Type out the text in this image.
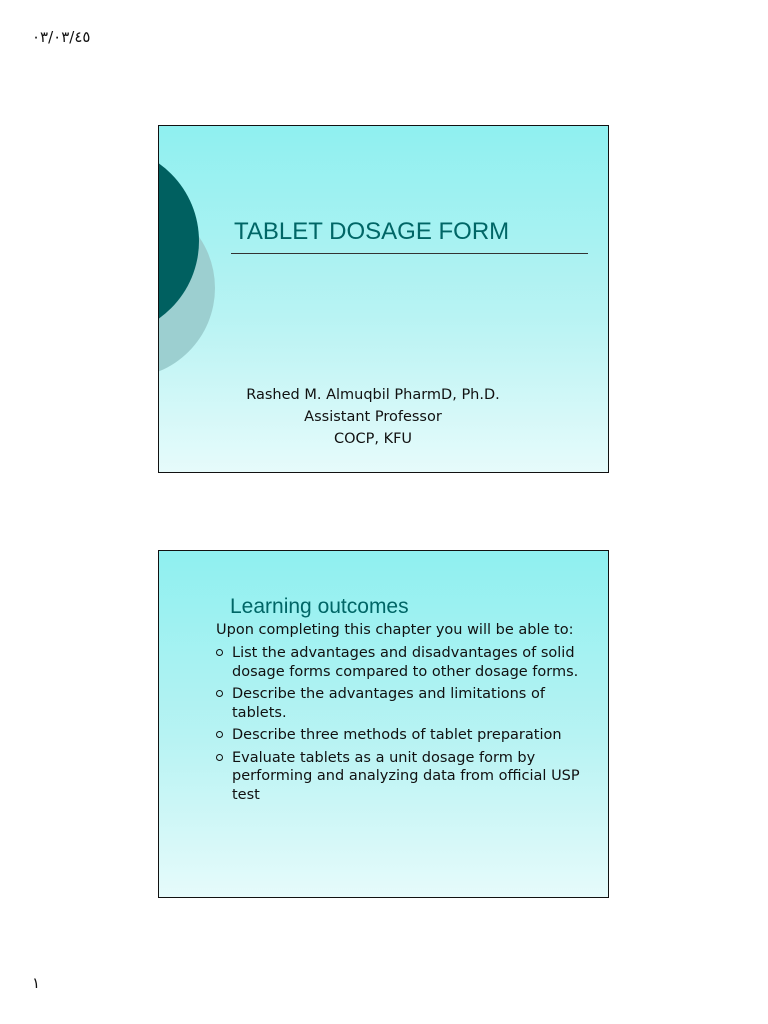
٠٣/٠٣/٤٥
TABLET DOSAGE FORM
Rashed M. Almuqbil PharmD, Ph.D.
Assistant Professor
COCP, KFU
Learning outcomes
Upon completing this chapter you will be able to:
List the advantages and disadvantages of solid dosage forms compared to other dosage forms.
Describe the advantages and limitations of tablets.
Describe three methods of tablet preparation
Evaluate tablets as a unit dosage form by performing and analyzing data from official USP test
١
